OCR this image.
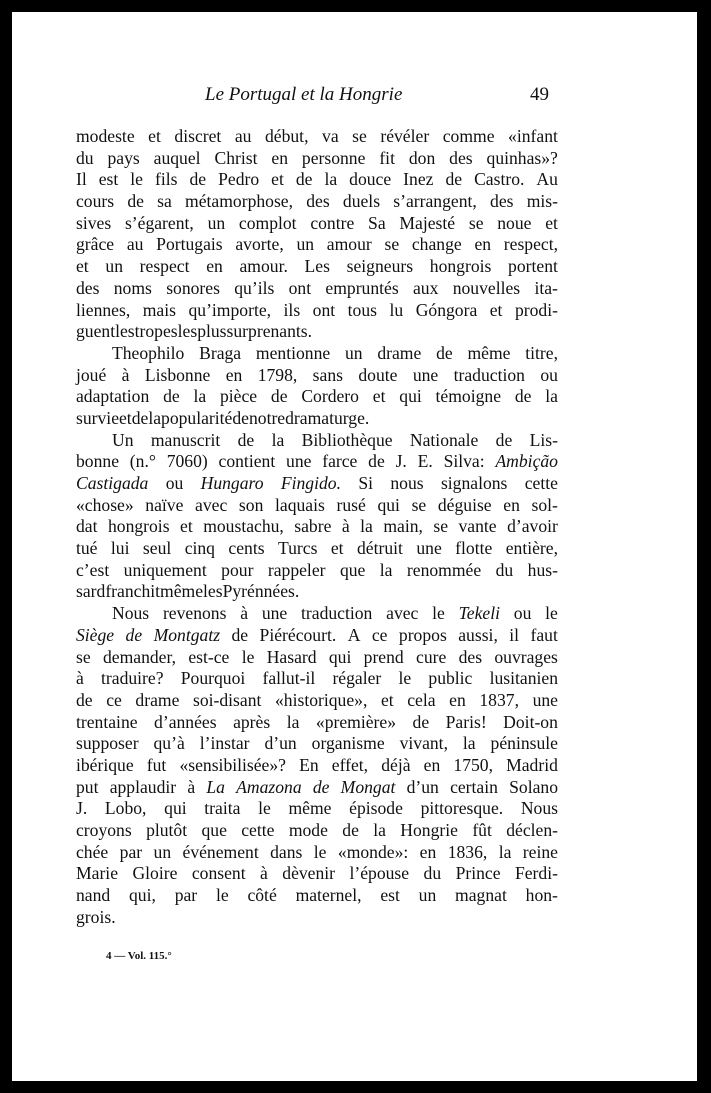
Le Portugal et la Hongrie	49
modeste et discret au début, va se révéler comme «infant
du pays auquel Christ en personne fit don des quinhas»?
Il est le fils de Pedro et de la douce Inez de Castro. Au
cours de sa métamorphose, des duels s’arrangent, des mis-
sives s’égarent, un complot contre Sa Majesté se noue et
grâce au Portugais avorte, un amour se change en respect,
et un respect en amour. Les seigneurs hongrois portent
des noms sonores qu’ils ont empruntés aux nouvelles ita-
liennes, mais qu’importe, ils ont tous lu Góngora et prodi-
guent les tropes les plus surprenants.
Theophilo Braga mentionne un drame de même titre,
joué à Lisbonne en 1798, sans doute une traduction ou
adaptation de la pièce de Cordero et qui témoigne de la
survie et de la popularité de notre dramaturge.
Un manuscrit de la Bibliothèque Nationale de Lis-
bonne (n.° 7060) contient une farce de J. E. Silva: Ambição
Castigada ou Hungaro Fingido. Si nous signalons cette
«chose» naïve avec son laquais rusé qui se déguise en sol-
dat hongrois et moustachu, sabre à la main, se vante d’avoir
tué lui seul cinq cents Turcs et détruit une flotte entière,
c’est uniquement pour rappeler que la renommée du hus-
sard franchit même les Pyrénnées.
Nous revenons à une traduction avec le Tekeli ou le
Siège de Montgatz de Piérécourt. A ce propos aussi, il faut
se demander, est-ce le Hasard qui prend cure des ouvrages
à traduire? Pourquoi fallut-il régaler le public lusitanien
de ce drame soi-disant «historique», et cela en 1837, une
trentaine d’années après la «première» de Paris! Doit-on
supposer qu’à l’instar d’un organisme vivant, la péninsule
ibérique fut «sensibilisée»? En effet, déjà en 1750, Madrid
put applaudir à La Amazona de Mongat d’un certain Solano
J. Lobo, qui traita le même épisode pittoresque. Nous
croyons plutôt que cette mode de la Hongrie fût déclen-
chée par un événement dans le «monde»: en 1836, la reine
Marie Gloire consent à dèvenir l’épouse du Prince Ferdi-
nand qui, par le côté maternel, est un magnat hon-
grois.
4 — Vol. 115.°
